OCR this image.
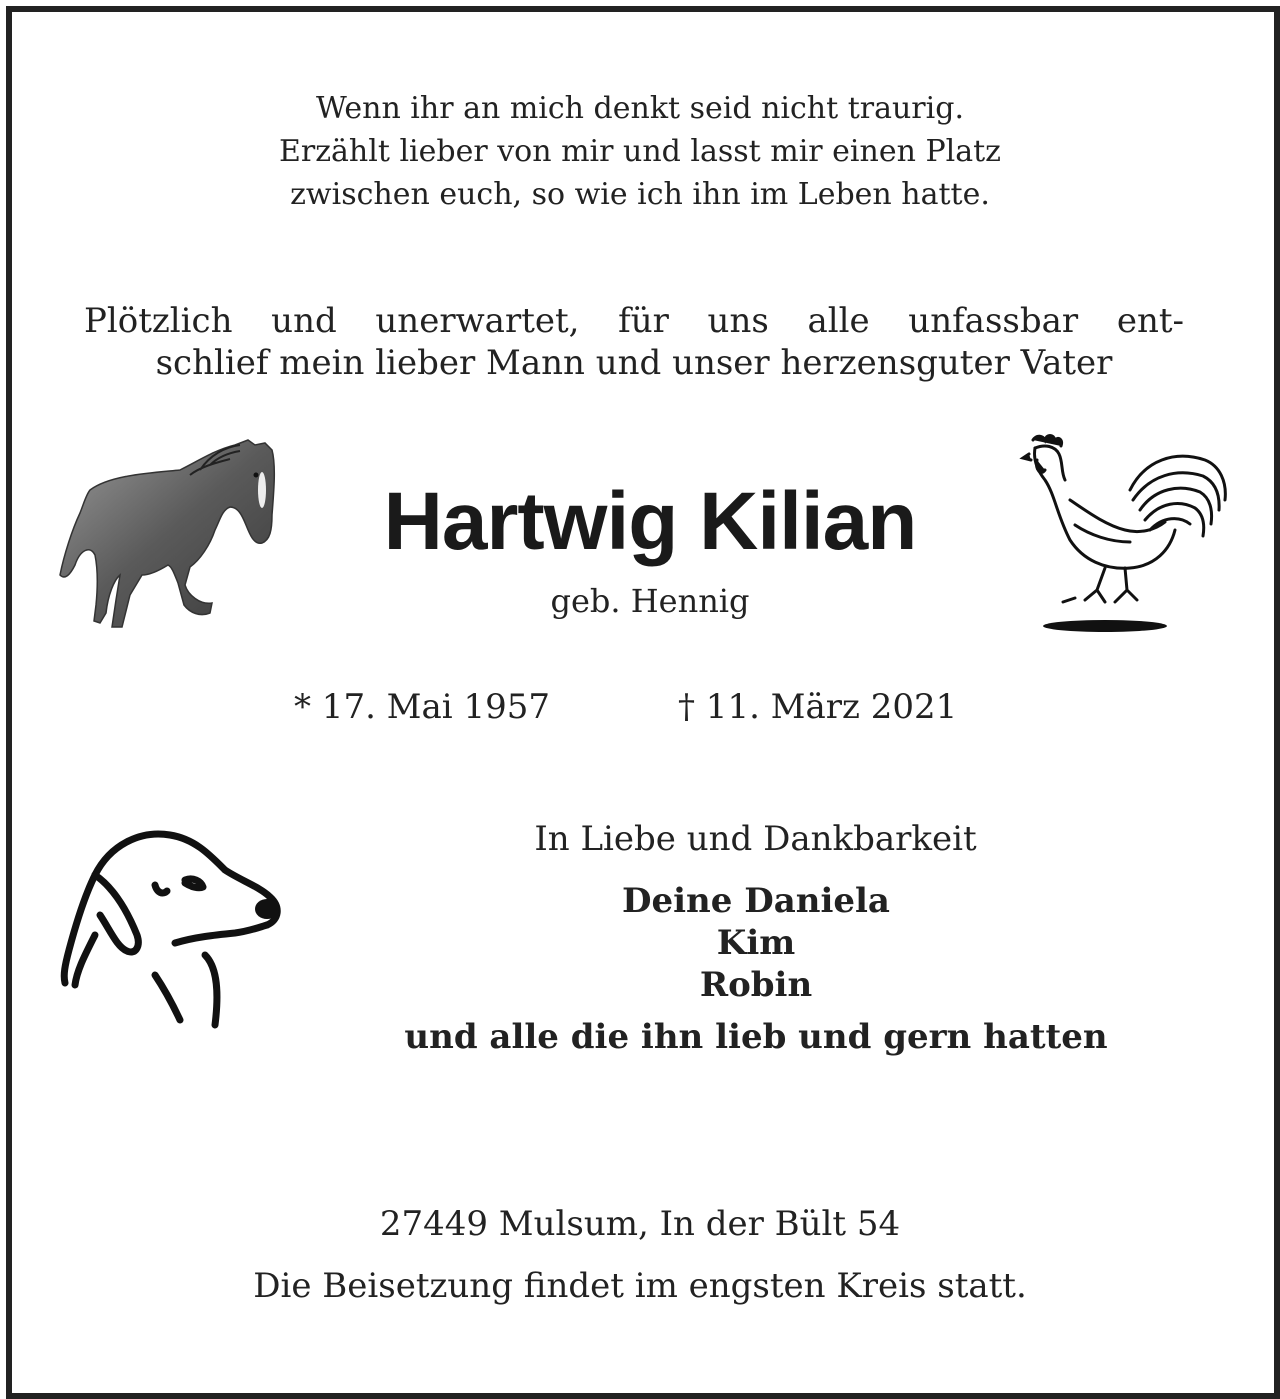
Wenn ihr an mich denkt seid nicht traurig.
Erzählt lieber von mir und lasst mir einen Platz
zwischen euch, so wie ich ihn im Leben hatte.
Plötzlich und unerwartet, für uns alle unfassbar ent-
schlief mein lieber Mann und unser herzensguter Vater
Hartwig Kilian
geb. Hennig
* 17. Mai 1957	† 11. März 2021
In Liebe und Dankbarkeit
Deine Daniela
Kim
Robin
und alle die ihn lieb und gern hatten
27449 Mulsum, In der Bült 54
Die Beisetzung findet im engsten Kreis statt.
